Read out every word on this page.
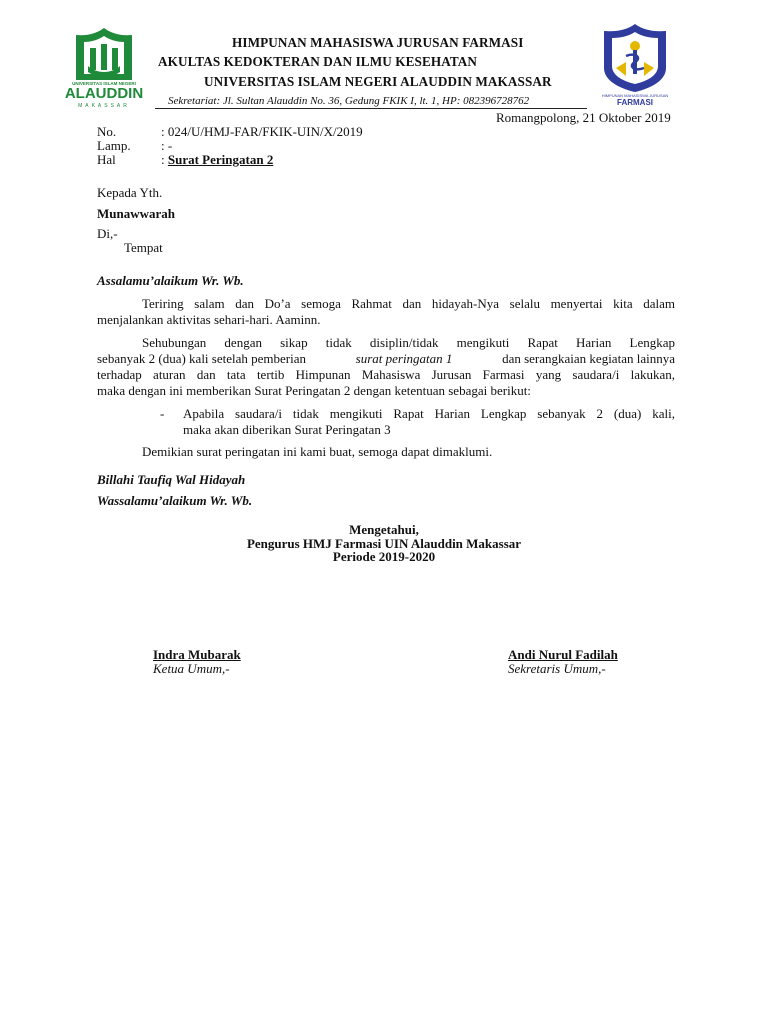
UNIVERSITAS ISLAM NEGERI
ALAUDDIN
MAKASSAR
HIMPUNAN MAHASISWA JURUSAN
FARMASI
HIMPUNAN MAHASISWA JURUSAN FARMASI
AKULTAS KEDOKTERAN DAN ILMU KESEHATAN
UNIVERSITAS ISLAM NEGERI ALAUDDIN MAKASSAR
Sekretariat: Jl. Sultan Alauddin No. 36, Gedung FKIK I, lt. 1, HP: 082396728762
Romangpolong, 21 Oktober 2019
No.	: 024/U/HMJ-FAR/FKIK-UIN/X/2019
Lamp. : -
Hal	: Surat Peringatan 2
Kepada Yth.
Munawwarah
Di,-
Tempat
Assalamu’alaikum Wr. Wb.
Teriring salam dan Do’a semoga Rahmat dan hidayah-Nya selalu menyertai kita dalam
menjalankan aktivitas sehari-hari. Aaminn.
Sehubungan dengan sikap tidak disiplin/tidak mengikuti Rapat Harian Lengkap
sebanyak 2 (dua) kali setelah pemberian	surat peringatan 1	dan serangkaian kegiatan lainnya
terhadap aturan dan tata tertib Himpunan Mahasiswa Jurusan Farmasi yang saudara/i lakukan,
maka dengan ini memberikan Surat Peringatan 2 dengan ketentuan sebagai berikut:
- Apabila saudara/i tidak mengikuti Rapat Harian Lengkap sebanyak 2 (dua) kali,
maka akan diberikan Surat Peringatan 3
Demikian surat peringatan ini kami buat, semoga dapat dimaklumi.
Billahi Taufiq Wal Hidayah
Wassalamu’alaikum Wr. Wb.
Mengetahui,
Pengurus HMJ Farmasi UIN Alauddin Makassar
Periode 2019-2020
Indra Mubarak
Ketua Umum,-
Andi Nurul Fadilah
Sekretaris Umum,-
